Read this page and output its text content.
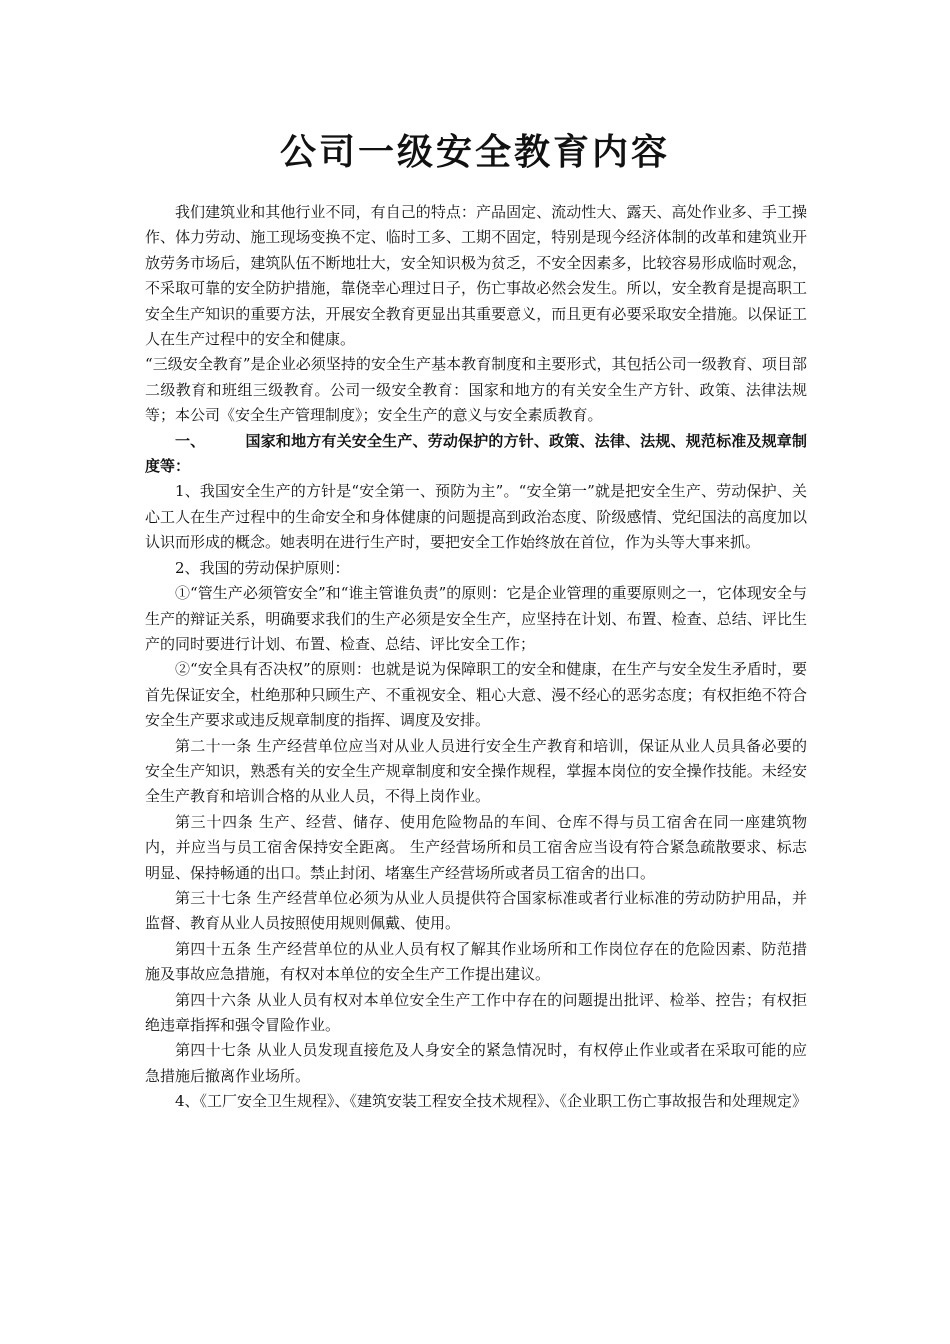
公司一级安全教育内容

我们建筑业和其他行业不同，有自己的特点：产品固定、流动性大、露天、高处作业多、手工操作、体力劳动、施工现场变换不定、临时工多、工期不固定，特别是现今经济体制的改革和建筑业开放劳务市场后，建筑队伍不断地壮大，安全知识极为贫乏，不安全因素多，比较容易形成临时观念，不采取可靠的安全防护措施，靠侥幸心理过日子，伤亡事故必然会发生。所以，安全教育是提高职工安全生产知识的重要方法，开展安全教育更显出其重要意义，而且更有必要采取安全措施。以保证工人在生产过程中的安全和健康。

“三级安全教育”是企业必须坚持的安全生产基本教育制度和主要形式，其包括公司一级教育、项目部二级教育和班组三级教育。公司一级安全教育：国家和地方的有关安全生产方针、政策、法律法规等；本公司《安全生产管理制度》；安全生产的意义与安全素质教育。

一、	国家和地方有关安全生产、劳动保护的方针、政策、法律、法规、规范标准及规章制度等：

1、我国安全生产的方针是“安全第一、预防为主”。“安全第一”就是把安全生产、劳动保护、关心工人在生产过程中的生命安全和身体健康的问题提高到政治态度、阶级感情、党纪国法的高度加以认识而形成的概念。她表明在进行生产时，要把安全工作始终放在首位，作为头等大事来抓。

2、我国的劳动保护原则：

①“管生产必须管安全”和“谁主管谁负责”的原则：它是企业管理的重要原则之一，它体现安全与生产的辩证关系，明确要求我们的生产必须是安全生产，应坚持在计划、布置、检查、总结、评比生产的同时要进行计划、布置、检查、总结、评比安全工作；

②“安全具有否决权”的原则：也就是说为保障职工的安全和健康，在生产与安全发生矛盾时，要首先保证安全，杜绝那种只顾生产、不重视安全、粗心大意、漫不经心的恶劣态度；有权拒绝不符合安全生产要求或违反规章制度的指挥、调度及安排。

第二十一条 生产经营单位应当对从业人员进行安全生产教育和培训，保证从业人员具备必要的安全生产知识，熟悉有关的安全生产规章制度和安全操作规程，掌握本岗位的安全操作技能。未经安全生产教育和培训合格的从业人员，不得上岗作业。

第三十四条 生产、经营、储存、使用危险物品的车间、仓库不得与员工宿舍在同一座建筑物内，并应当与员工宿舍保持安全距离。 生产经营场所和员工宿舍应当设有符合紧急疏散要求、标志明显、保持畅通的出口。禁止封闭、堵塞生产经营场所或者员工宿舍的出口。

第三十七条 生产经营单位必须为从业人员提供符合国家标准或者行业标准的劳动防护用品，并监督、教育从业人员按照使用规则佩戴、使用。

第四十五条 生产经营单位的从业人员有权了解其作业场所和工作岗位存在的危险因素、防范措施及事故应急措施，有权对本单位的安全生产工作提出建议。

第四十六条 从业人员有权对本单位安全生产工作中存在的问题提出批评、检举、控告；有权拒绝违章指挥和强令冒险作业。

第四十七条 从业人员发现直接危及人身安全的紧急情况时，有权停止作业或者在采取可能的应急措施后撤离作业场所。

4、《工厂安全卫生规程》、《建筑安装工程安全技术规程》、《企业职工伤亡事故报告和处理规定》
